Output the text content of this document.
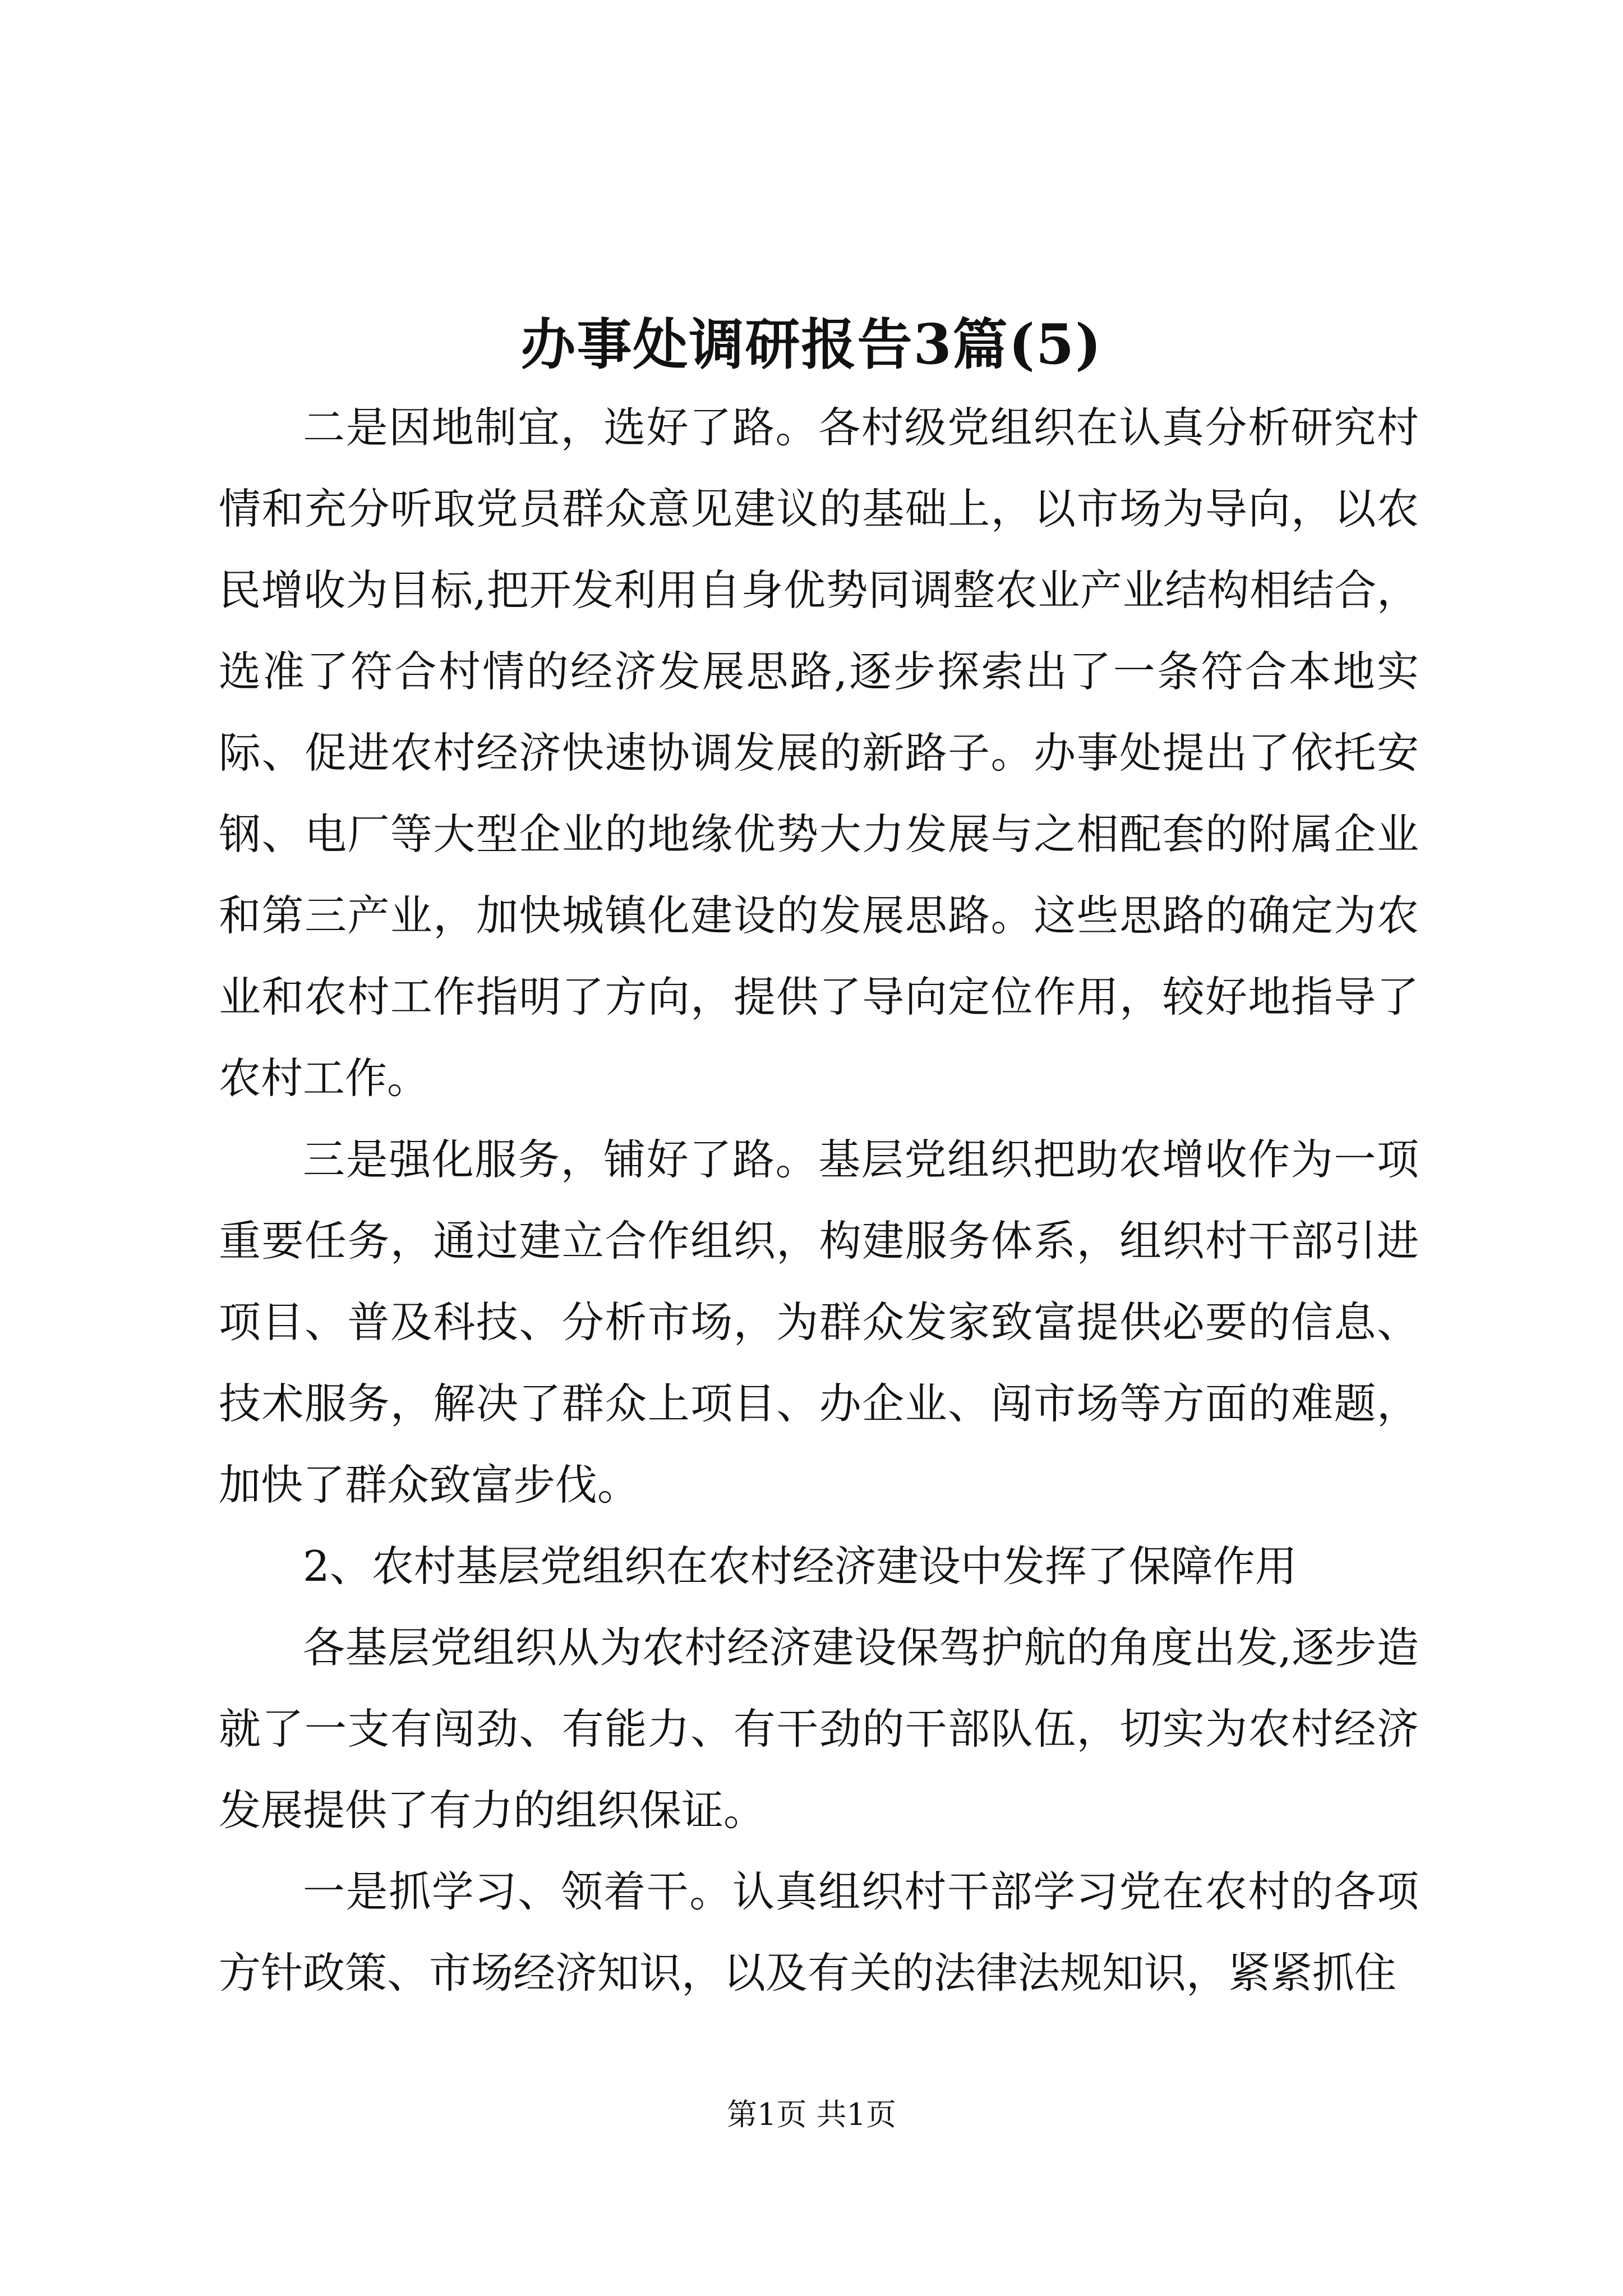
办事处调研报告3篇(5)

二是因地制宜，选好了路。各村级党组织在认真分析研究村情和充分听取党员群众意见建议的基础上，以市场为导向，以农民增收为目标,把开发利用自身优势同调整农业产业结构相结合，选准了符合村情的经济发展思路,逐步探索出了一条符合本地实际、促进农村经济快速协调发展的新路子。办事处提出了依托安钢、电厂等大型企业的地缘优势大力发展与之相配套的附属企业和第三产业，加快城镇化建设的发展思路。这些思路的确定为农业和农村工作指明了方向，提供了导向定位作用，较好地指导了农村工作。

三是强化服务，铺好了路。基层党组织把助农增收作为一项重要任务，通过建立合作组织，构建服务体系，组织村干部引进项目、普及科技、分析市场，为群众发家致富提供必要的信息、技术服务，解决了群众上项目、办企业、闯市场等方面的难题，加快了群众致富步伐。

2、农村基层党组织在农村经济建设中发挥了保障作用

各基层党组织从为农村经济建设保驾护航的角度出发,逐步造就了一支有闯劲、有能力、有干劲的干部队伍，切实为农村经济发展提供了有力的组织保证。

一是抓学习、领着干。认真组织村干部学习党在农村的各项方针政策、市场经济知识，以及有关的法律法规知识，紧紧抓住

第1页 共1页
